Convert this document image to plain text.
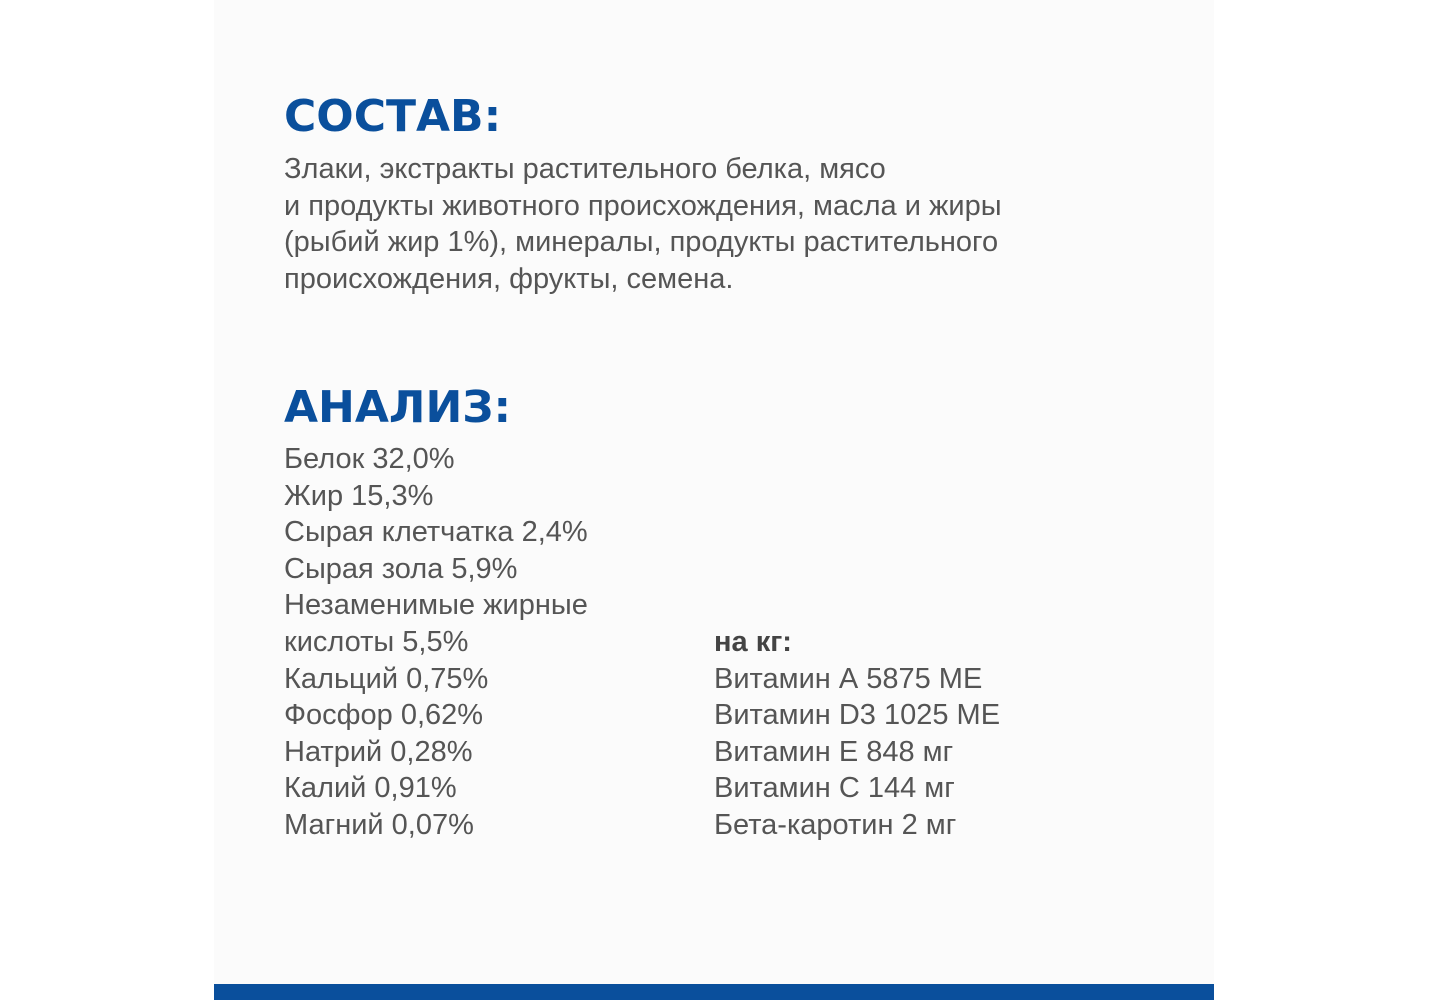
СОСТАВ:
Злаки, экстракты растительного белка, мясо
и продукты животного происхождения, масла и жиры
(рыбий жир 1%), минералы, продукты растительного
происхождения, фрукты, семена.
АНАЛИЗ:
Белок 32,0%
Жир 15,3%
Сырая клетчатка 2,4%
Сырая зола 5,9%
Незаменимые жирные
кислоты 5,5%
Кальций 0,75%
Фосфор 0,62%
Натрий 0,28%
Калий 0,91%
Магний 0,07%
на кг:
Витамин А 5875 МЕ
Витамин D3 1025 МЕ
Витамин Е 848 мг
Витамин С 144 мг
Бета-каротин 2 мг
